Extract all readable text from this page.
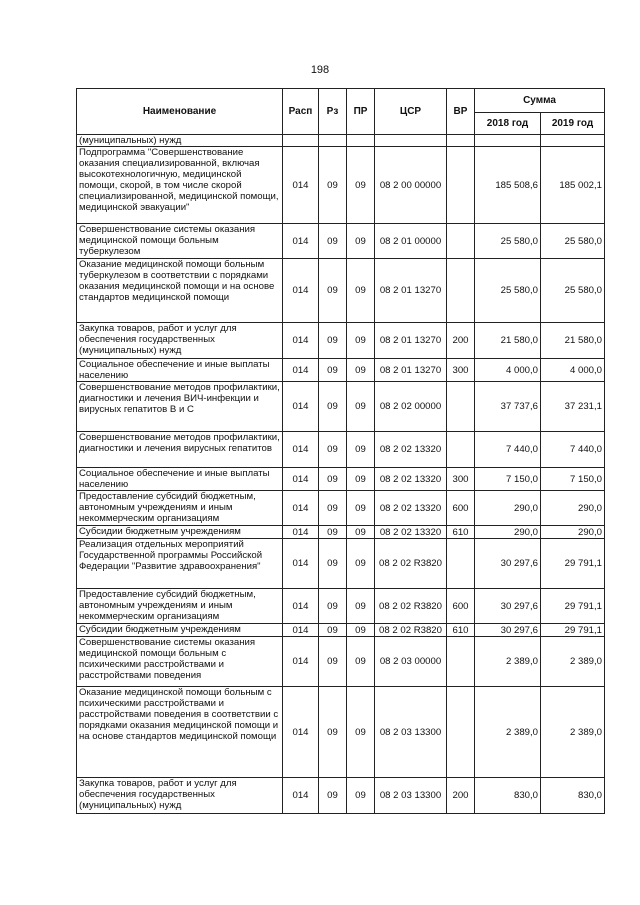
198
Наименование	Расп	Рз	ПР	ЦСР	ВР	Сумма	
						2018 год	2019 год
(муниципальных) нужд							
Подпрограмма "Совершенствование оказания специализированной, включая высокотехнологичную, медицинской помощи, скорой, в том числе скорой специализированной, медицинской помощи, медицинской эвакуации"	014	09	09	08 2 00 00000		185 508,6	185 002,1
Совершенствование системы оказания медицинской помощи больным туберкулезом	014	09	09	08 2 01 00000		25 580,0	25 580,0
Оказание медицинской помощи больным туберкулезом в соответствии с порядками оказания медицинской помощи и на основе стандартов медицинской помощи	014	09	09	08 2 01 13270		25 580,0	25 580,0
Закупка товаров, работ и услуг для обеспечения государственных (муниципальных) нужд	014	09	09	08 2 01 13270	200	21 580,0	21 580,0
Социальное обеспечение и иные выплаты населению	014	09	09	08 2 01 13270	300	4 000,0	4 000,0
Совершенствование методов профилактики, диагностики и лечения ВИЧ-инфекции и вирусных гепатитов В и С	014	09	09	08 2 02 00000		37 737,6	37 231,1
Совершенствование методов профилактики, диагностики и лечения вирусных гепатитов	014	09	09	08 2 02 13320		7 440,0	7 440,0
Социальное обеспечение и иные выплаты населению	014	09	09	08 2 02 13320	300	7 150,0	7 150,0
Предоставление субсидий бюджетным, автономным учреждениям и иным некоммерческим организациям	014	09	09	08 2 02 13320	600	290,0	290,0
Субсидии бюджетным учреждениям	014	09	09	08 2 02 13320	610	290,0	290,0
Реализация отдельных мероприятий Государственной программы Российской Федерации "Развитие здравоохранения"	014	09	09	08 2 02 R3820		30 297,6	29 791,1
Предоставление субсидий бюджетным, автономным учреждениям и иным некоммерческим организациям	014	09	09	08 2 02 R3820	600	30 297,6	29 791,1
Субсидии бюджетным учреждениям	014	09	09	08 2 02 R3820	610	30 297,6	29 791,1
Совершенствование системы оказания медицинской помощи больным с психическими расстройствами и расстройствами поведения	014	09	09	08 2 03 00000		2 389,0	2 389,0
Оказание медицинской помощи больным с психическими расстройствами и расстройствами поведения в соответствии с порядками оказания медицинской помощи и на основе стандартов медицинской помощи	014	09	09	08 2 03 13300		2 389,0	2 389,0
Закупка товаров, работ и услуг для обеспечения государственных (муниципальных) нужд	014	09	09	08 2 03 13300	200	830,0	830,0
